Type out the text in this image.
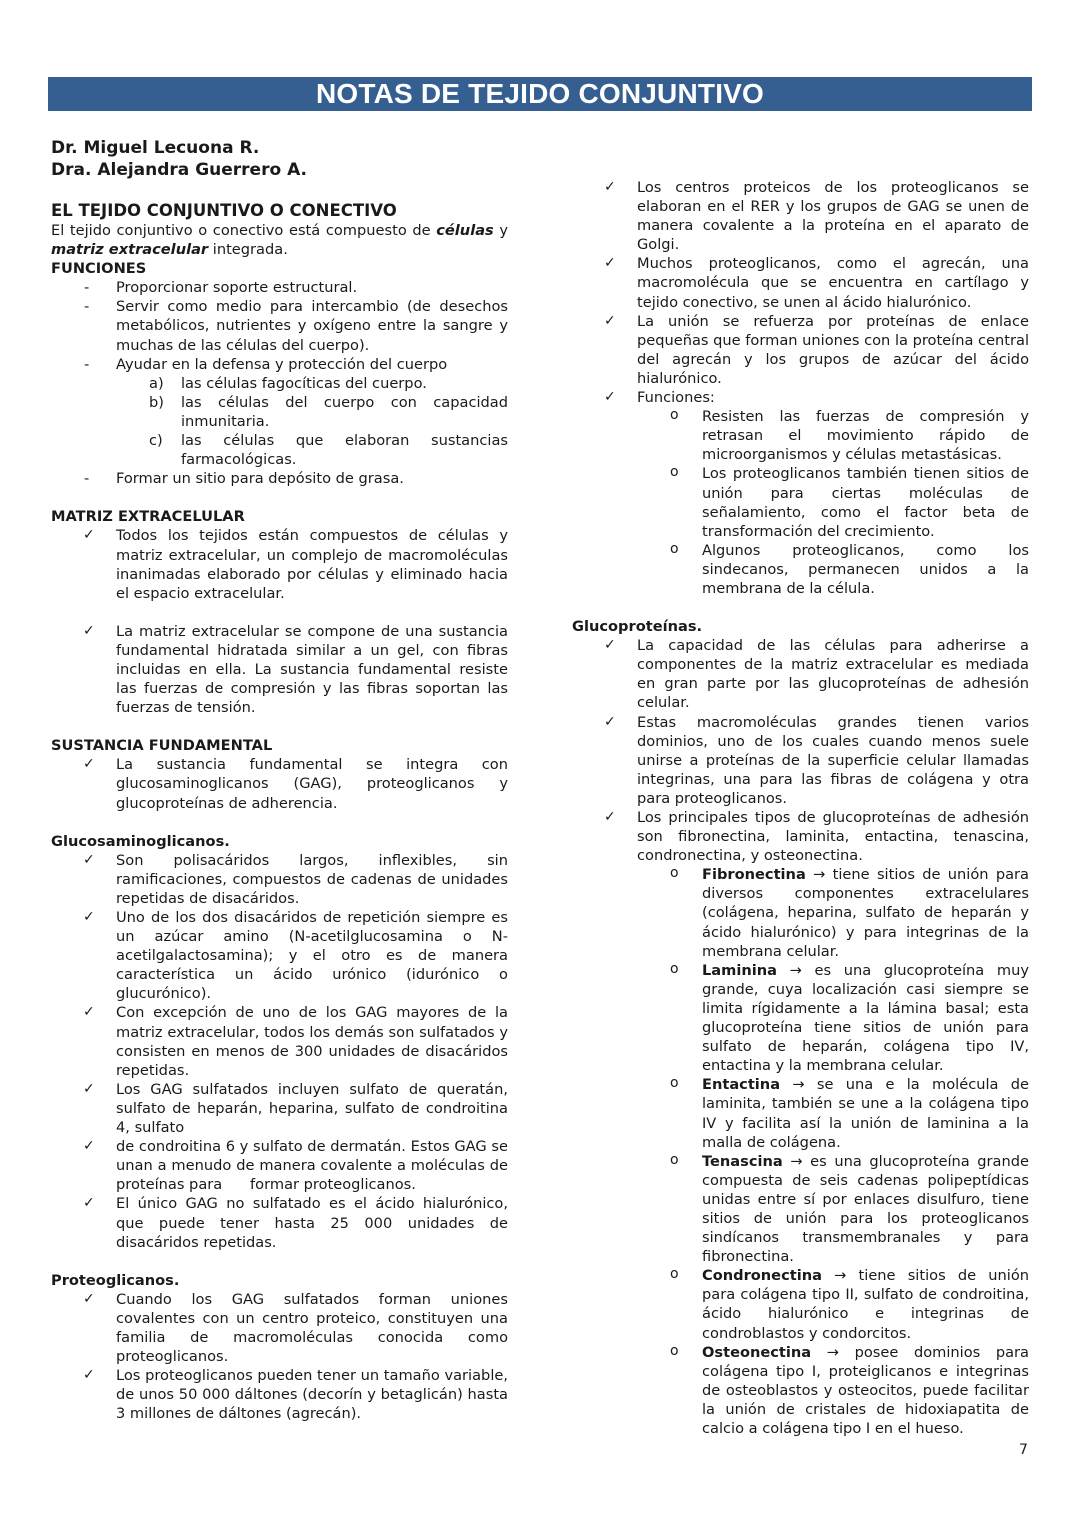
NOTAS DE TEJIDO CONJUNTIVO
Dr. Miguel Lecuona R.
Dra. Alejandra Guerrero A.
EL TEJIDO CONJUNTIVO O CONECTIVO

El tejido conjuntivo o conectivo está compuesto de células y matriz extracelular integrada.

FUNCIONES
- Proporcionar soporte estructural.
- Servir como medio para intercambio (de desechos metabólicos, nutrientes y oxígeno entre la sangre y muchas de las células del cuerpo).
- Ayudar en la defensa y protección del cuerpo
a) las células fagocíticas del cuerpo.
b) las células del cuerpo con capacidad inmunitaria.
c) las células que elaboran sustancias farmacológicas.
- Formar un sitio para depósito de grasa.
MATRIZ EXTRACELULAR
✓ Todos los tejidos están compuestos de células y matriz extracelular, un complejo de macromoléculas inanimadas elaborado por células y eliminado hacia el espacio extracelular.
✓ La matriz extracelular se compone de una sustancia fundamental hidratada similar a un gel, con fibras incluidas en ella. La sustancia fundamental resiste las fuerzas de compresión y las fibras soportan las fuerzas de tensión.
SUSTANCIA FUNDAMENTAL
✓ La sustancia fundamental se integra con glucosaminoglicanos (GAG), proteoglicanos y glucoproteínas de adherencia.
Glucosaminoglicanos.
✓ Son polisacáridos largos, inflexibles, sin ramificaciones, compuestos de cadenas de unidades repetidas de disacáridos.
✓ Uno de los dos disacáridos de repetición siempre es un azúcar amino (N-acetilglucosamina o N-acetilgalactosamina); y el otro es de manera característica un ácido urónico (idurónico o glucurónico).
✓ Con excepción de uno de los GAG mayores de la matriz extracelular, todos los demás son sulfatados y consisten en menos de 300 unidades de disacáridos repetidas.
✓ Los GAG sulfatados incluyen sulfato de queratán, sulfato de heparán, heparina, sulfato de condroitina 4, sulfato
✓ de condroitina 6 y sulfato de dermatán. Estos GAG se unan a menudo de manera covalente a moléculas de proteínas para      formar proteoglicanos.
✓ El único GAG no sulfatado es el ácido hialurónico, que puede tener hasta 25 000 unidades de disacáridos repetidas.
Proteoglicanos.
✓ Cuando los GAG sulfatados forman uniones covalentes con un centro proteico, constituyen una familia de macromoléculas conocida como proteoglicanos.
✓ Los proteoglicanos pueden tener un tamaño variable, de unos 50 000 dáltones (decorín y betaglicán) hasta 3 millones de dáltones (agrecán).
✓ Los centros proteicos de los proteoglicanos se elaboran en el RER y los grupos de GAG se unen de manera covalente a la proteína en el aparato de Golgi.
✓ Muchos proteoglicanos, como el agrecán, una macromolécula que se encuentra en cartílago y tejido conectivo, se unen al ácido hialurónico.
✓ La unión se refuerza por proteínas de enlace pequeñas que forman uniones con la proteína central del agrecán y los grupos de azúcar del ácido hialurónico.
✓ Funciones:
o Resisten las fuerzas de compresión y retrasan el movimiento rápido de microorganismos y células metastásicas.
o Los proteoglicanos también tienen sitios de unión para ciertas moléculas de señalamiento, como el factor beta de transformación del crecimiento.
o Algunos proteoglicanos, como los sindecanos, permanecen unidos a la membrana de la célula.
Glucoproteínas.
✓ La capacidad de las células para adherirse a componentes de la matriz extracelular es mediada en gran parte por las glucoproteínas de adhesión celular.
✓ Estas macromoléculas grandes tienen varios dominios, uno de los cuales cuando menos suele unirse a proteínas de la superficie celular llamadas integrinas, una para las fibras de colágena y otra para proteoglicanos.
✓ Los principales tipos de glucoproteínas de adhesión son fibronectina, laminita, entactina, tenascina, condronectina, y osteonectina.
o Fibronectina → tiene sitios de unión para diversos componentes extracelulares (colágena, heparina, sulfato de heparán y ácido hialurónico) y para integrinas de la membrana celular.
o Laminina → es una glucoproteína muy grande, cuya localización casi siempre se limita rígidamente a la lámina basal; esta glucoproteína tiene sitios de unión para sulfato de heparán, colágena tipo IV, entactina y la membrana celular.
o Entactina → se una e la molécula de laminita, también se une a la colágena tipo IV y facilita así la unión de laminina a la malla de colágena.
o Tenascina → es una glucoproteína grande compuesta de seis cadenas polipeptídicas unidas entre sí por enlaces disulfuro, tiene sitios de unión para los proteoglicanos sindícanos transmembranales y para fibronectina.
o Condronectina → tiene sitios de unión para colágena tipo II, sulfato de condroitina, ácido hialurónico e integrinas de condroblastos y condorcitos.
o Osteonectina → posee dominios para colágena tipo I, proteiglicanos e integrinas de osteoblastos y osteocitos, puede facilitar la unión de cristales de hidoxiapatita de calcio a colágena tipo I en el hueso.
7
